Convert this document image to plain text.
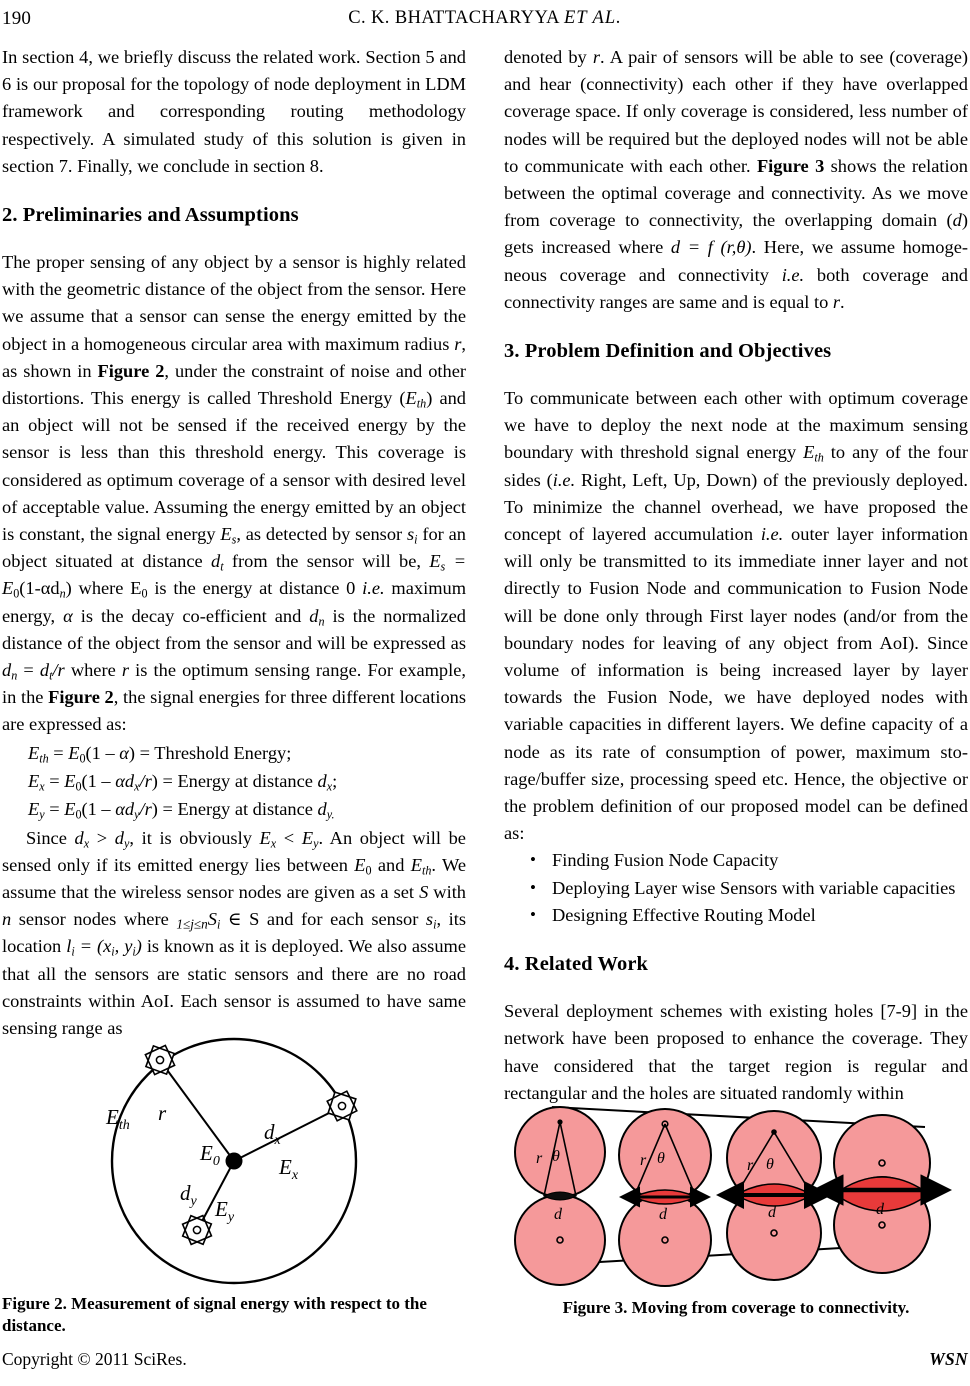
190	C. K. BHATTACHARYYA ET AL.

In section 4, we briefly discuss the related work. Section 5 and 6 is our proposal for the topology of node deployment in LDM framework and corresponding routing methodology respectively. A simulated study of this solution is given in section 7. Finally, we conclude in section 8.

2. Preliminaries and Assumptions

The proper sensing of any object by a sensor is highly related with the geometric distance of the object from the sensor. Here we assume that a sensor can sense the energy emitted by the object in a homogeneous circular area with maximum radius r, as shown in Figure 2, under the constraint of noise and other distortions. This energy is called Threshold Energy $(E_{th})$ and an object will not be sensed if the received energy by the sensor is less than this threshold energy. This coverage is considered as optimum coverage of a sensor with desired level of acceptable value. Assuming the energy emitted by an object is constant, the signal energy $E_s$, as detected by sensor $s_i$ for an object situated at distance $d_t$ from the sensor will be, $E_s = E_0(1-\alpha d_n)$ where $E_0$ is the energy at distance 0 i.e. maximum energy, α is the decay co-efficient and $d_n$ is the normalized distance of the object from the sensor and will be expressed as $d_n = d_t/r$ where r is the optimum sensing range. For example, in the Figure 2, the signal energies for three different locations are expressed as:

$E_{th} = E_0(1 - \alpha)$ = Threshold Energy;
$E_x = E_0(1 - \alpha d_x/r)$ = Energy at distance $d_x$;
$E_y = E_0(1 - \alpha d_y/r)$ = Energy at distance $d_{y.}$

Since $d_x > d_y$, it is obviously $E_x < E_y$. An object will be sensed only if its emitted energy lies between $E_0$ and $E_{th}$. We assume that the wireless sensor nodes are given as a set S with n sensor nodes where $_{1\le j\le n}S_i$ ∈ S and for each sensor $s_i$, its location $l_i = (x_i$, $y_i$) is known as it is deployed. We also assume that all the sensors are static sensors and there are no road constraints within AoI. Each sensor is assumed to have same sensing range as

denoted by r. A pair of sensors will be able to see (coverage) and hear (connectivity) each other if they have overlapped coverage space. If only coverage is considered, less number of nodes will be required but the deployed nodes will not be able to communicate with each other. Figure 3 shows the relation between the optimal coverage and connectivity. As we move from coverage to connectivity, the overlapping domain (d) gets increased where d = f (r,θ). Here, we assume homogeneous coverage and connectivity i.e. both coverage and connectivity ranges are same and is equal to r.

3. Problem Definition and Objectives

To communicate between each other with optimum coverage we have to deploy the next node at the maximum sensing boundary with threshold signal energy $E_{th}$ to any of the four sides (i.e. Right, Left, Up, Down) of the previously deployed. To minimize the channel overhead, we have proposed the concept of layered accumulation i.e. outer layer information will only be transmitted to its immediate inner layer and not directly to Fusion Node and communication to Fusion Node will be done only through First layer nodes (and/or from the boundary nodes for leaving of any object from AoI). Since volume of information is being increased layer by layer towards the Fusion Node, we have deployed nodes with variable capacities in different layers. We define capacity of a node as its rate of consumption of power, maximum storage/buffer size, processing speed etc. Hence, the objective or the problem definition of our proposed model can be defined as:

• Finding Fusion Node Capacity
• Deploying Layer wise Sensors with variable capacities
• Designing Effective Routing Model
4. Related Work

Several deployment schemes with existing holes [7-9] in the network have been proposed to enhance the coverage. They have considered that the target region is regular and rectangular and the holes are situated randomly within

$E_{th}$
r
$d_x$
$E_0$	$E_x$
$d_y$ $E_y$
Figure 2. Measurement of signal energy with respect to the distance.
r θ
d
r θ
d
r θ
d	d
Figure 3. Moving from coverage to connectivity.
Copyright © 2011 SciRes.	WSN
